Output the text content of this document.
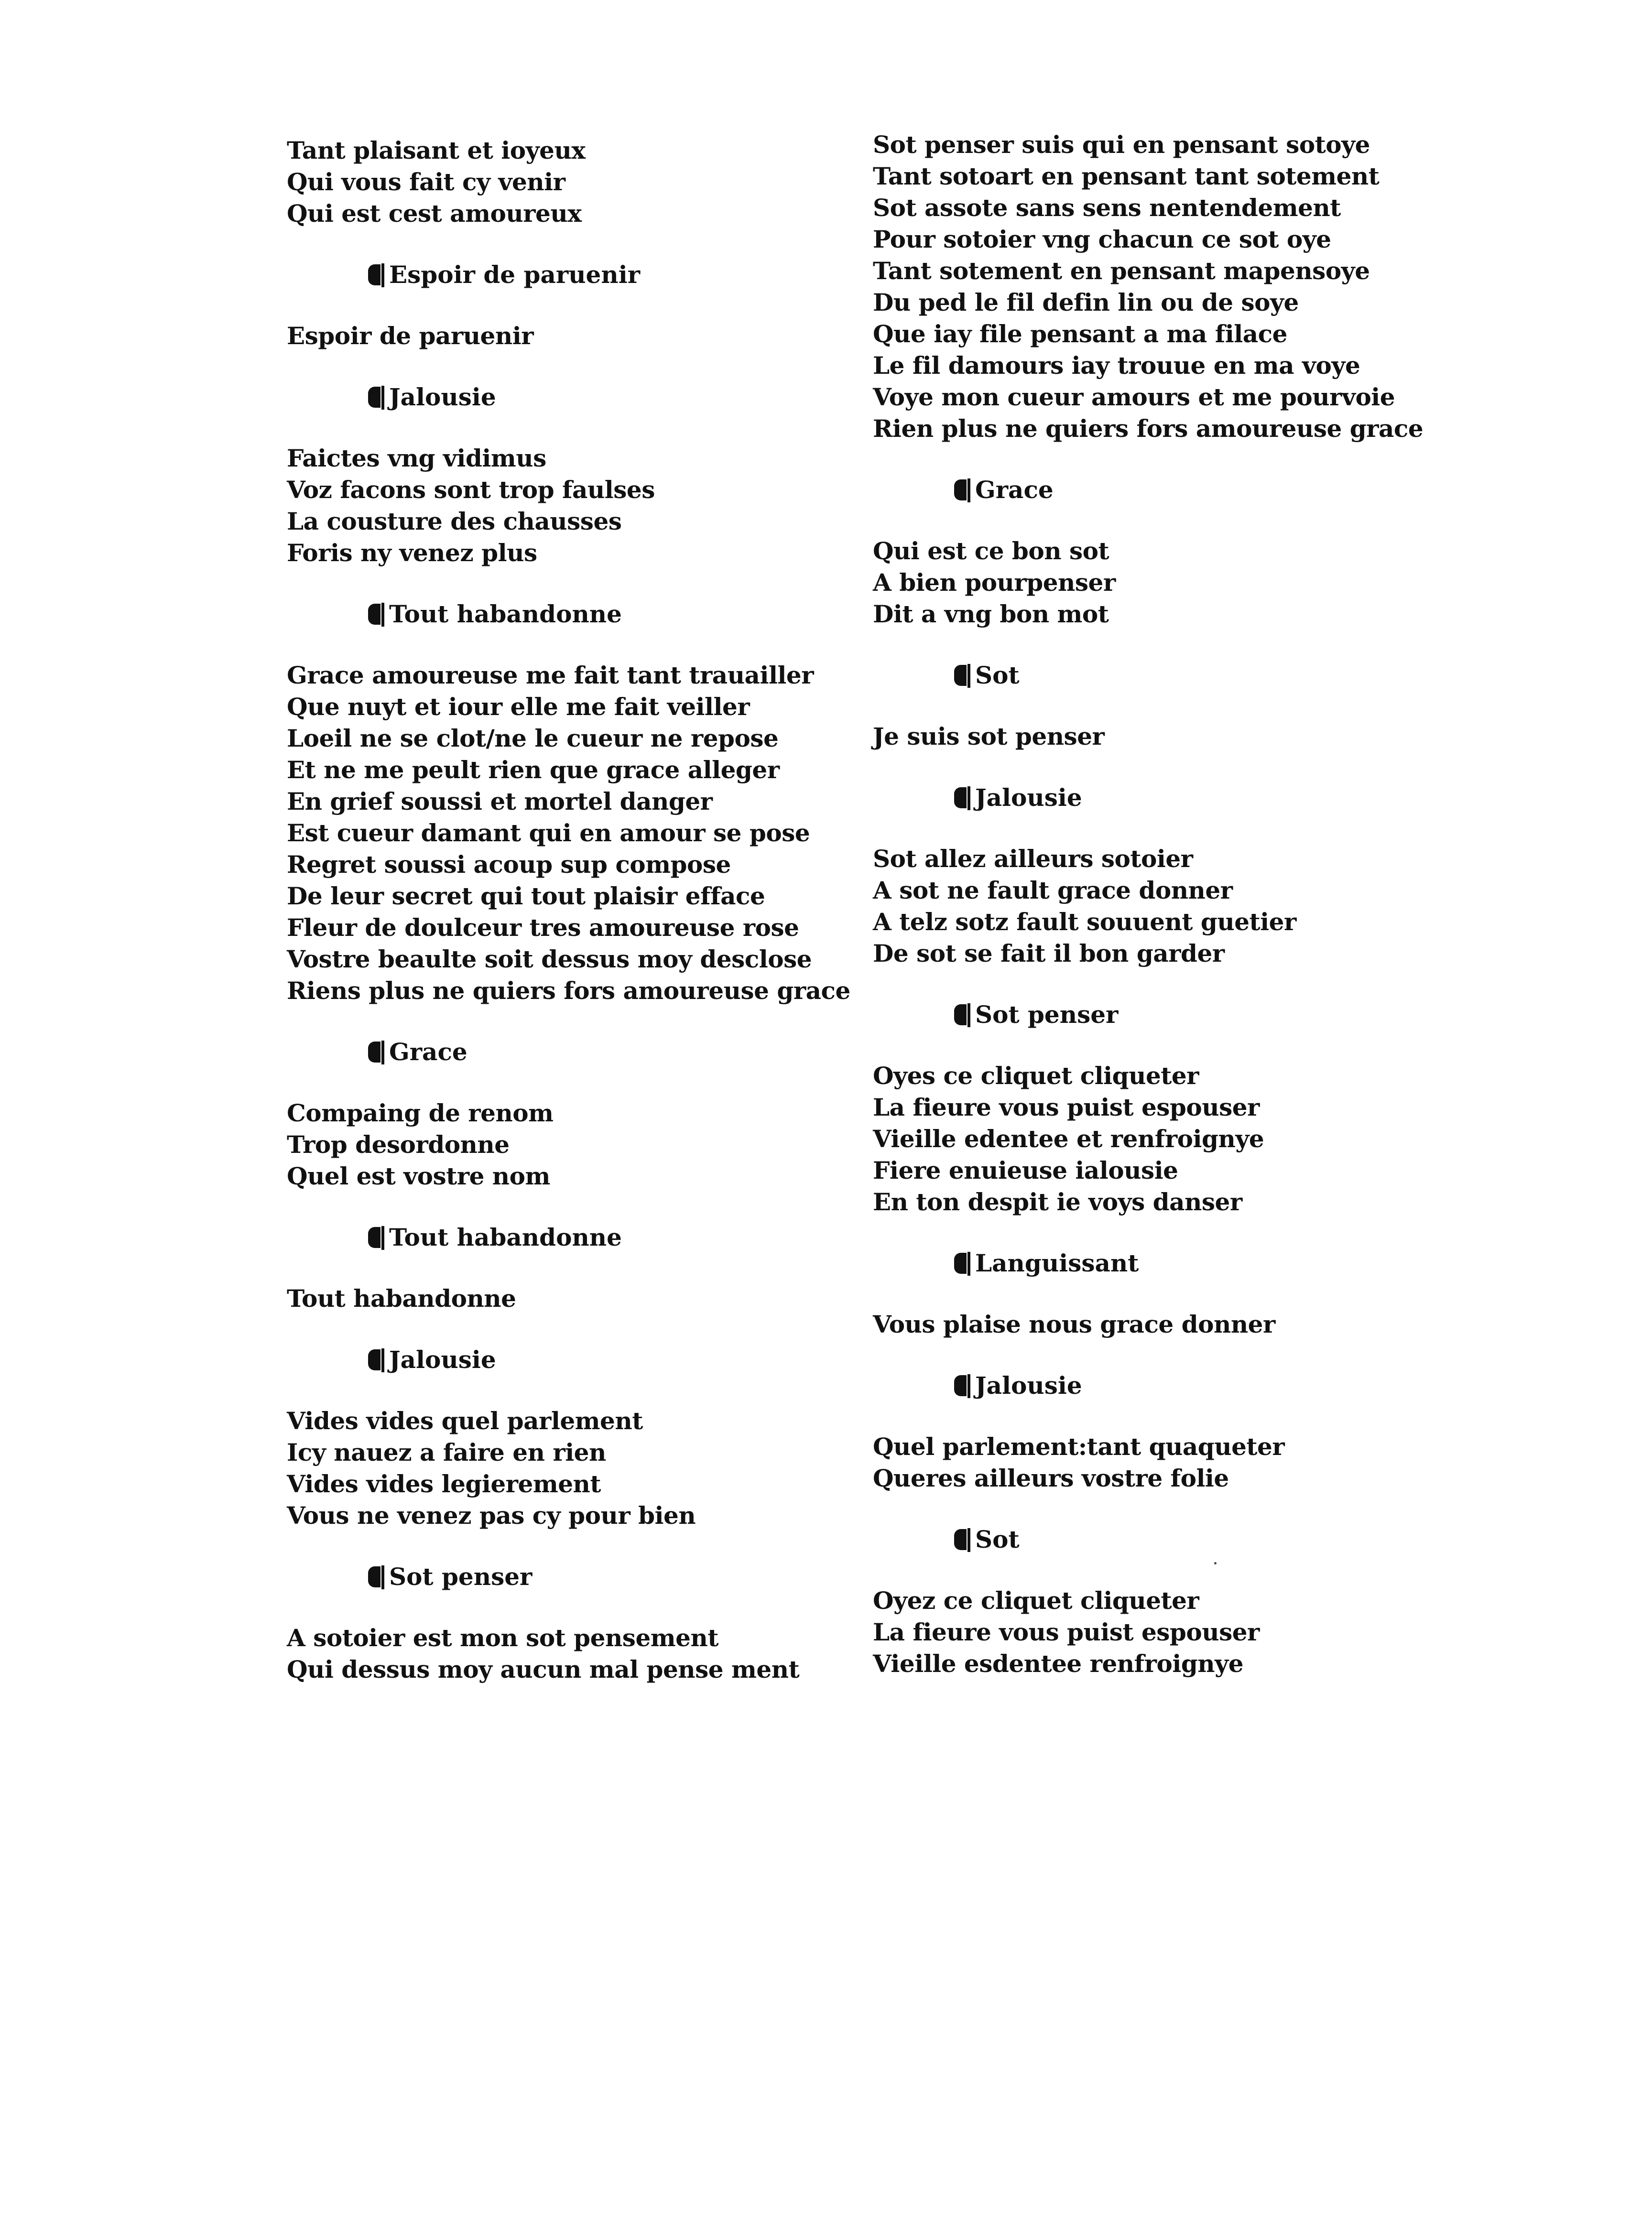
Tant plaisant et ioyeux
Qui vous fait cy venir
Qui est cest amoureux
Espoir de paruenir
Espoir de paruenir
Jalousie
Faictes vng vidimus
Voz facons sont trop faulses
La cousture des chausses
Foris ny venez plus
Tout habandonne
Grace amoureuse me fait tant trauailler
Que nuyt et iour elle me fait veiller
Loeil ne se clot/ne le cueur ne repose
Et ne me peult rien que grace alleger
En grief soussi et mortel danger
Est cueur damant qui en amour se pose
Regret soussi acoup sup compose
De leur secret qui tout plaisir efface
Fleur de doulceur tres amoureuse rose
Vostre beaulte soit dessus moy desclose
Riens plus ne quiers fors amoureuse grace
Grace
Compaing de renom
Trop desordonne
Quel est vostre nom
Tout habandonne
Tout habandonne
Jalousie
Vides vides quel parlement
Icy nauez a faire en rien
Vides vides legierement
Vous ne venez pas cy pour bien
Sot penser
A sotoier est mon sot pensement
Qui dessus moy aucun mal pense ment
Sot penser suis qui en pensant sotoye
Tant sotoart en pensant tant sotement
Sot assote sans sens nentendement
Pour sotoier vng chacun ce sot oye
Tant sotement en pensant mapensoye
Du ped le fil defin lin ou de soye
Que iay file pensant a ma filace
Le fil damours iay trouue en ma voye
Voye mon cueur amours et me pourvoie
Rien plus ne quiers fors amoureuse grace
Grace
Qui est ce bon sot
A bien pourpenser
Dit a vng bon mot
Sot
Je suis sot penser
Jalousie
Sot allez ailleurs sotoier
A sot ne fault grace donner
A telz sotz fault souuent guetier
De sot se fait il bon garder
Sot penser
Oyes ce cliquet cliqueter
La fieure vous puist espouser
Vieille edentee et renfroignye
Fiere enuieuse ialousie
En ton despit ie voys danser
Languissant
Vous plaise nous grace donner
Jalousie
Quel parlement:tant quaqueter
Queres ailleurs vostre folie
Sot
Oyez ce cliquet cliqueter
La fieure vous puist espouser
Vieille esdentee renfroignye
